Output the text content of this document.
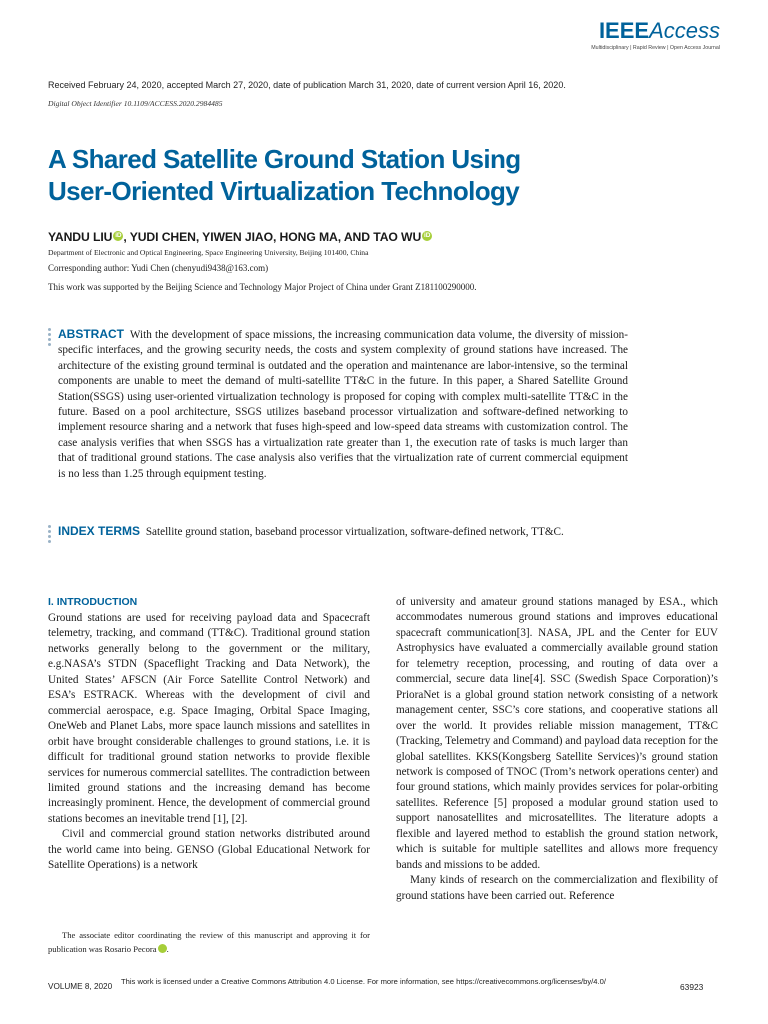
IEEEAccess
Multidisciplinary | Rapid Review | Open Access Journal
Received February 24, 2020, accepted March 27, 2020, date of publication March 31, 2020, date of current version April 16, 2020.
Digital Object Identifier 10.1109/ACCESS.2020.2984485
A Shared Satellite Ground Station Using
User-Oriented Virtualization Technology
YANDU LIU iD , YUDI CHEN, YIWEN JIAO, HONG MA, AND TAO WU iD
Department of Electronic and Optical Engineering, Space Engineering University, Beijing 101400, China
Corresponding author: Yudi Chen (chenyudi9438@163.com)
This work was supported by the Beijing Science and Technology Major Project of China under Grant Z181100290000.
ABSTRACT With the development of space missions, the increasing communication data volume, the diversity of mission-specific interfaces, and the growing security needs, the costs and system complexity of ground stations have increased. The architecture of the existing ground terminal is outdated and the operation and maintenance are labor-intensive, so the terminal components are unable to meet the demand of multi-satellite TT&C in the future. In this paper, a Shared Satellite Ground Station(SSGS) using user-oriented virtualization technology is proposed for coping with complex multi-satellite TT&C in the future. Based on a pool architecture, SSGS utilizes baseband processor virtualization and software-defined networking to implement resource sharing and a network that fuses high-speed and low-speed data streams with customization control. The case analysis verifies that when SSGS has a virtualization rate greater than 1, the execution rate of tasks is much larger than that of traditional ground stations. The case analysis also verifies that the virtualization rate of current commercial equipment is no less than 1.25 through equipment testing.
INDEX TERMS Satellite ground station, baseband processor virtualization, software-defined network, TT&C.
I. INTRODUCTION

Ground stations are used for receiving payload data and Spacecraft telemetry, tracking, and command (TT&C). Traditional ground station networks generally belong to the government or the military, e.g.NASA’s STDN (Spaceflight Tracking and Data Network), the United States’ AFSCN (Air Force Satellite Control Network) and ESA’s ESTRACK. Whereas with the development of civil and commercial aerospace, e.g. Space Imaging, Orbital Space Imaging, OneWeb and Planet Labs, more space launch missions and satellites in orbit have brought considerable challenges to ground stations, i.e. it is difficult for traditional ground station networks to provide flexible services for numerous commercial satellites. The contradiction between limited ground stations and the increasing demand has become increasingly prominent. Hence, the development of commercial ground stations becomes an inevitable trend [1], [2].

Civil and commercial ground station networks distributed around the world came into being. GENSO (Global Educational Network for Satellite Operations) is a network

The associate editor coordinating the review of this manuscript and approving it for publication was Rosario Pecora	iD.

of university and amateur ground stations managed by ESA., which accommodates numerous ground stations and improves educational spacecraft communication[3]. NASA, JPL and the Center for EUV Astrophysics have evaluated a commercially available ground station for telemetry reception, processing, and routing of data over a commercial, secure data line[4]. SSC (Swedish Space Corporation)’s PrioraNet is a global ground station network consisting of a network management center, SSC’s core stations, and cooperative stations all over the world. It provides reliable mission management, TT&C (Tracking, Telemetry and Command) and payload data reception for the global satellites. KKS(Kongsberg Satellite Services)’s ground station network is composed of TNOC (Trom’s network operations center) and four ground stations, which mainly provides services for polar-orbiting satellites. Reference [5] proposed a modular ground station used to support nanosatellites and microsatellites. The literature adopts a flexible and layered method to establish the ground station network, which is suitable for multiple satellites and allows more frequency bands and missions to be added.

Many kinds of research on the commercialization and flexibility of ground stations have been carried out. Reference

VOLUME 8, 2020
This work is licensed under a Creative Commons Attribution 4.0 License. For more information, see https://creativecommons.org/licenses/by/4.0/
63923
